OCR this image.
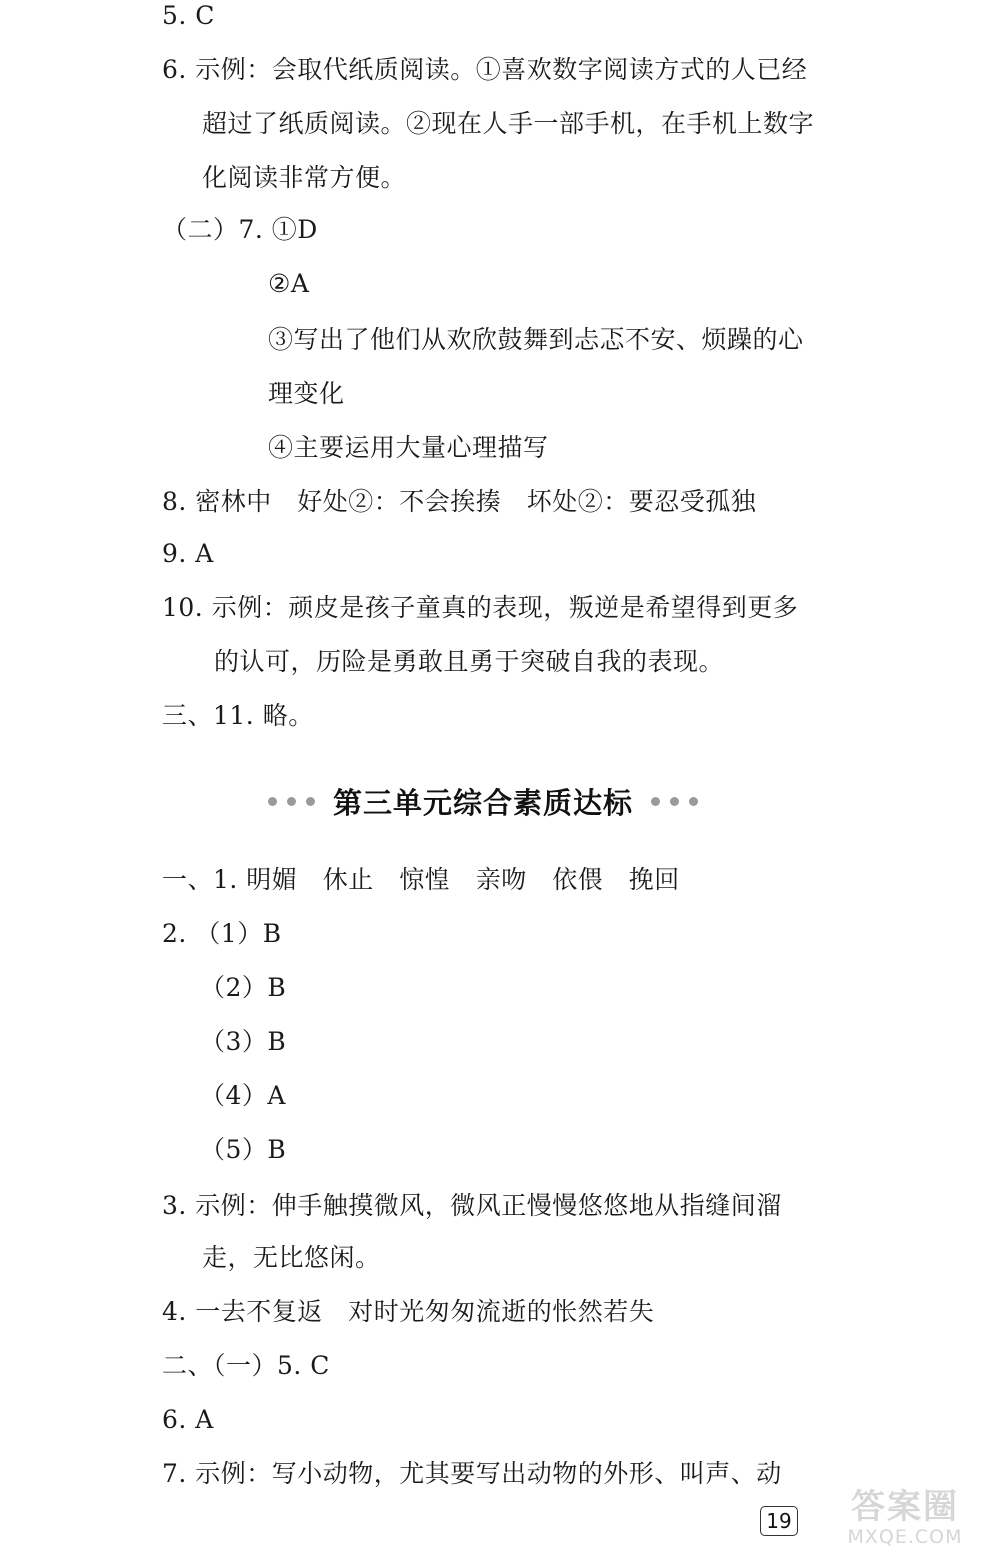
5. C
6. 示例：会取代纸质阅读。①喜欢数字阅读方式的人已经
超过了纸质阅读。②现在人手一部手机，在手机上数字
化阅读非常方便。
（二）7. ①D
②A
③写出了他们从欢欣鼓舞到忐忑不安、烦躁的心
理变化
④主要运用大量心理描写
8. 密林中　好处②：不会挨揍　坏处②：要忍受孤独
9. A
10. 示例：顽皮是孩子童真的表现，叛逆是希望得到更多
的认可，历险是勇敢且勇于突破自我的表现。
三、11. 略。
第三单元综合素质达标
一、1. 明媚　休止　惊惶　亲吻　依偎　挽回
2. （1）B
（2）B
（3）B
（4）A
（5）B
3. 示例：伸手触摸微风，微风正慢慢悠悠地从指缝间溜
走，无比悠闲。
4. 一去不复返　对时光匆匆流逝的怅然若失
二、（一）5. C
6. A
7. 示例：写小动物，尤其要写出动物的外形、叫声、动
19	答案圈
MXQE.COM
